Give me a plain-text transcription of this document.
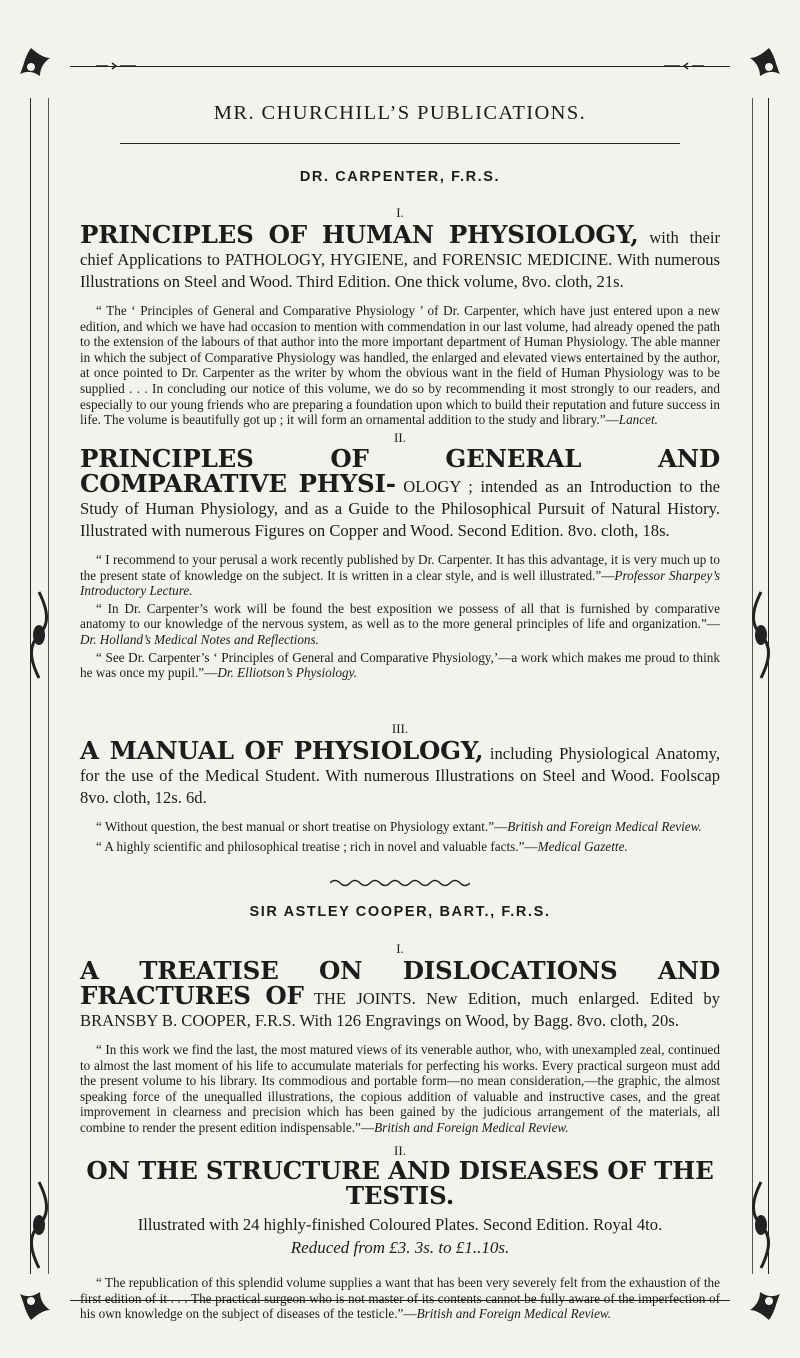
MR. CHURCHILL’S PUBLICATIONS.
DR. CARPENTER, F.R.S.
I.

PRINCIPLES OF HUMAN PHYSIOLOGY, with their chief Applications to PATHOLOGY, HYGIENE, and FORENSIC MEDICINE. With numerous Illustrations on Steel and Wood. Third Edition. One thick volume, 8vo. cloth, 21s.

“ The ‘ Principles of General and Comparative Physiology ’ of Dr. Carpenter, which have just entered upon a new edition, and which we have had occasion to mention with commendation in our last volume, had already opened the path to the extension of the labours of that author into the more important department of Human Physiology. The able manner in which the subject of Comparative Physiology was handled, the enlarged and elevated views entertained by the author, at once pointed to Dr. Carpenter as the writer by whom the obvious want in the field of Human Physiology was to be supplied . . . In concluding our notice of this volume, we do so by recommending it most strongly to our readers, and especially to our young friends who are preparing a foundation upon which to build their reputation and future success in life. The volume is beautifully got up ; it will form an ornamental addition to the study and library.”—Lancet.

II.

PRINCIPLES OF GENERAL AND COMPARATIVE PHYSI- OLOGY ; intended as an Introduction to the Study of Human Physiology, and as a Guide to the Philosophical Pursuit of Natural History. Illustrated with numerous Figures on Copper and Wood. Second Edition. 8vo. cloth, 18s.

“ I recommend to your perusal a work recently published by Dr. Carpenter. It has this advantage, it is very much up to the present state of knowledge on the subject. It is written in a clear style, and is well illustrated.”—Professor Sharpey’s Introductory Lecture.

“ In Dr. Carpenter’s work will be found the best exposition we possess of all that is furnished by comparative anatomy to our knowledge of the nervous system, as well as to the more general principles of life and organization.”—Dr. Holland’s Medical Notes and Reflections.

“ See Dr. Carpenter’s ‘ Principles of General and Comparative Physiology,’—a work which makes me proud to think he was once my pupil.”—Dr. Elliotson’s Physiology.

III.

A MANUAL OF PHYSIOLOGY, including Physiological Anatomy, for the use of the Medical Student. With numerous Illustrations on Steel and Wood. Foolscap 8vo. cloth, 12s. 6d.

“ Without question, the best manual or short treatise on Physiology extant.”—British and Foreign Medical Review.

“ A highly scientific and philosophical treatise ; rich in novel and valuable facts.”—Medical Gazette.

SIR ASTLEY COOPER, BART., F.R.S.
I.

A TREATISE ON DISLOCATIONS AND FRACTURES OF THE JOINTS. New Edition, much enlarged. Edited by BRANSBY B. COOPER, F.R.S. With 126 Engravings on Wood, by Bagg. 8vo. cloth, 20s.

“ In this work we find the last, the most matured views of its venerable author, who, with unexampled zeal, continued to almost the last moment of his life to accumulate materials for perfecting his works. Every practical surgeon must add the present volume to his library. Its commodious and portable form—no mean consideration,—the graphic, the almost speaking force of the unequalled illustrations, the copious addition of valuable and instructive cases, and the great improvement in clearness and precision which has been gained by the judicious arrangement of the materials, all combine to render the present edition indispensable.”—British and Foreign Medical Review.

II.

ON THE STRUCTURE AND DISEASES OF THE TESTIS.

Illustrated with 24 highly-finished Coloured Plates. Second Edition. Royal 4to.

Reduced from £3. 3s. to £1..10s.

“ The republication of this splendid volume supplies a want that has been very severely felt from the exhaustion of the first edition of it . . . The practical surgeon who is not master of its contents cannot be fully aware of the imperfection of his own knowledge on the subject of diseases of the testicle.”—British and Foreign Medical Review.
